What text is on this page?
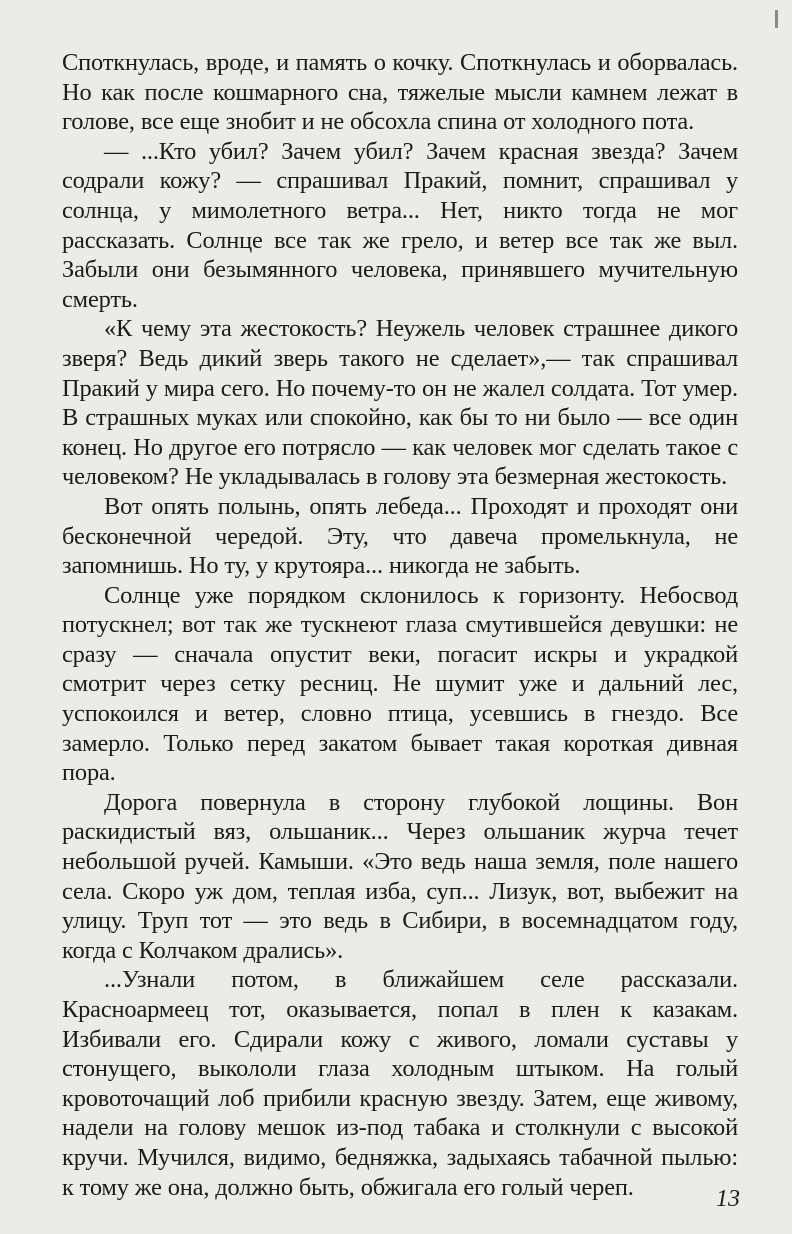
Споткнулась, вроде, и память о кочку. Споткнулась и оборвалась. Но как после кошмарного сна, тяжелые мысли камнем лежат в голове, все еще знобит и не обсохла спина от холодного пота.

— ...Кто убил? Зачем убил? Зачем красная звезда? Зачем содрали кожу? — спрашивал Пракий, помнит, спрашивал у солнца, у мимолетного ветра... Нет, никто тогда не мог рассказать. Солнце все так же грело, и ветер все так же выл. Забыли они безымянного человека, принявшего мучительную смерть.

«К чему эта жестокость? Неужель человек страшнее дикого зверя? Ведь дикий зверь такого не сделает»,— так спрашивал Пракий у мира сего. Но почему-то он не жалел солдата. Тот умер. В страшных муках или спокойно, как бы то ни было — все один конец. Но другое его потрясло — как человек мог сделать такое с человеком? Не укладывалась в голову эта безмерная жестокость.

Вот опять полынь, опять лебеда... Проходят и проходят они бесконечной чередой. Эту, что давеча промелькнула, не запомнишь. Но ту, у крутояра... никогда не забыть.

Солнце уже порядком склонилось к горизонту. Небосвод потускнел; вот так же тускнеют глаза смутившейся девушки: не сразу — сначала опустит веки, погасит искры и украдкой смотрит через сетку ресниц. Не шумит уже и дальний лес, успокоился и ветер, словно птица, усевшись в гнездо. Все замерло. Только перед закатом бывает такая короткая дивная пора.

Дорога повернула в сторону глубокой лощины. Вон раскидистый вяз, ольшаник... Через ольшаник журча течет небольшой ручей. Камыши. «Это ведь наша земля, поле нашего села. Скоро уж дом, теплая изба, суп... Лизук, вот, выбежит на улицу. Труп тот — это ведь в Сибири, в восемнадцатом году, когда с Колчаком дрались».

...Узнали потом, в ближайшем селе рассказали. Красноармеец тот, оказывается, попал в плен к казакам. Избивали его. Сдирали кожу с живого, ломали суставы у стонущего, выкололи глаза холодным штыком. На голый кровоточащий лоб прибили красную звезду. Затем, еще живому, надели на голову мешок из-под табака и столкнули с высокой кручи. Мучился, видимо, бедняжка, задыхаясь табачной пылью: к тому же она, должно быть, обжигала его голый череп.	13
